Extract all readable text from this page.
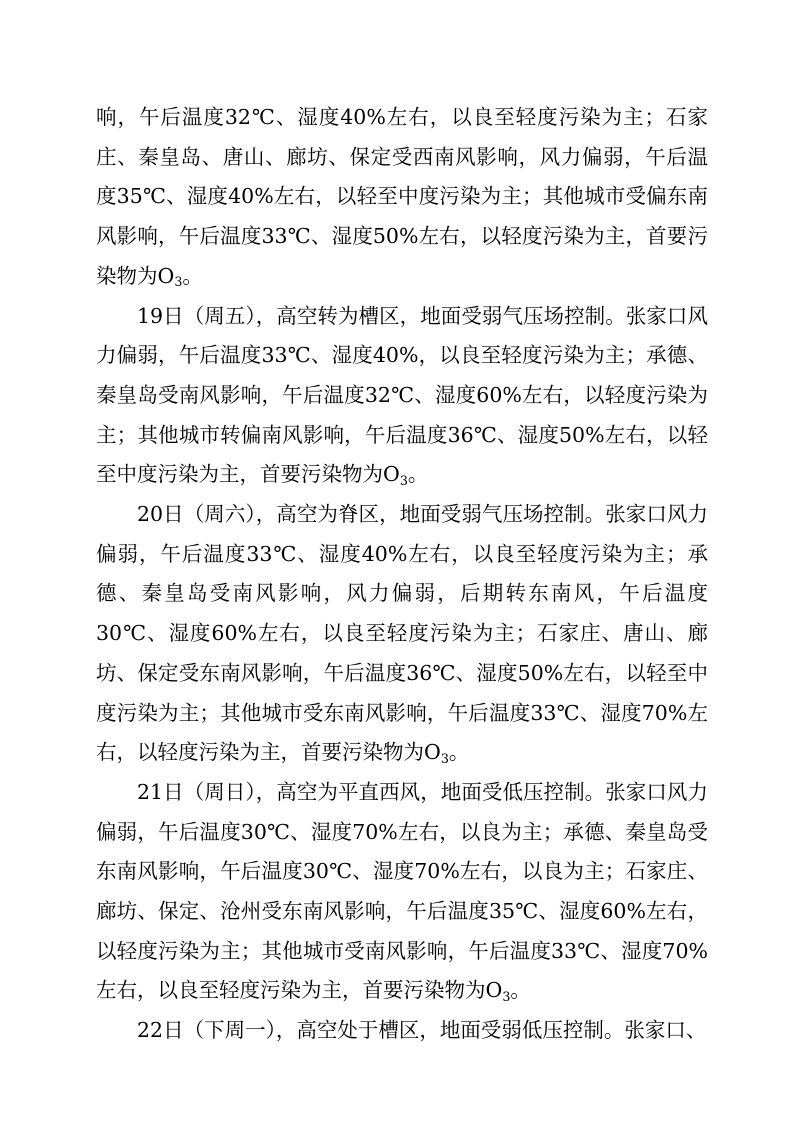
响，午后温度32℃、湿度40%左右，以良至轻度污染为主；石家庄、秦皇岛、唐山、廊坊、保定受西南风影响，风力偏弱，午后温度35℃、湿度40%左右，以轻至中度污染为主；其他城市受偏东南风影响，午后温度33℃、湿度50%左右，以轻度污染为主，首要污染物为O3。

19日（周五），高空转为槽区，地面受弱气压场控制。张家口风力偏弱，午后温度33℃、湿度40%，以良至轻度污染为主；承德、秦皇岛受南风影响，午后温度32℃、湿度60%左右，以轻度污染为主；其他城市转偏南风影响，午后温度36℃、湿度50%左右，以轻至中度污染为主，首要污染物为O3。

20日（周六），高空为脊区，地面受弱气压场控制。张家口风力偏弱，午后温度33℃、湿度40%左右，以良至轻度污染为主；承德、秦皇岛受南风影响，风力偏弱，后期转东南风，午后温度30℃、湿度60%左右，以良至轻度污染为主；石家庄、唐山、廊坊、保定受东南风影响，午后温度36℃、湿度50%左右，以轻至中度污染为主；其他城市受东南风影响，午后温度33℃、湿度70%左右，以轻度污染为主，首要污染物为O3。

21日（周日），高空为平直西风，地面受低压控制。张家口风力偏弱，午后温度30℃、湿度70%左右，以良为主；承德、秦皇岛受东南风影响，午后温度30℃、湿度70%左右，以良为主；石家庄、廊坊、保定、沧州受东南风影响，午后温度35℃、湿度60%左右，以轻度污染为主；其他城市受南风影响，午后温度33℃、湿度70%左右，以良至轻度污染为主，首要污染物为O3。

22日（下周一），高空处于槽区，地面受弱低压控制。张家口、
